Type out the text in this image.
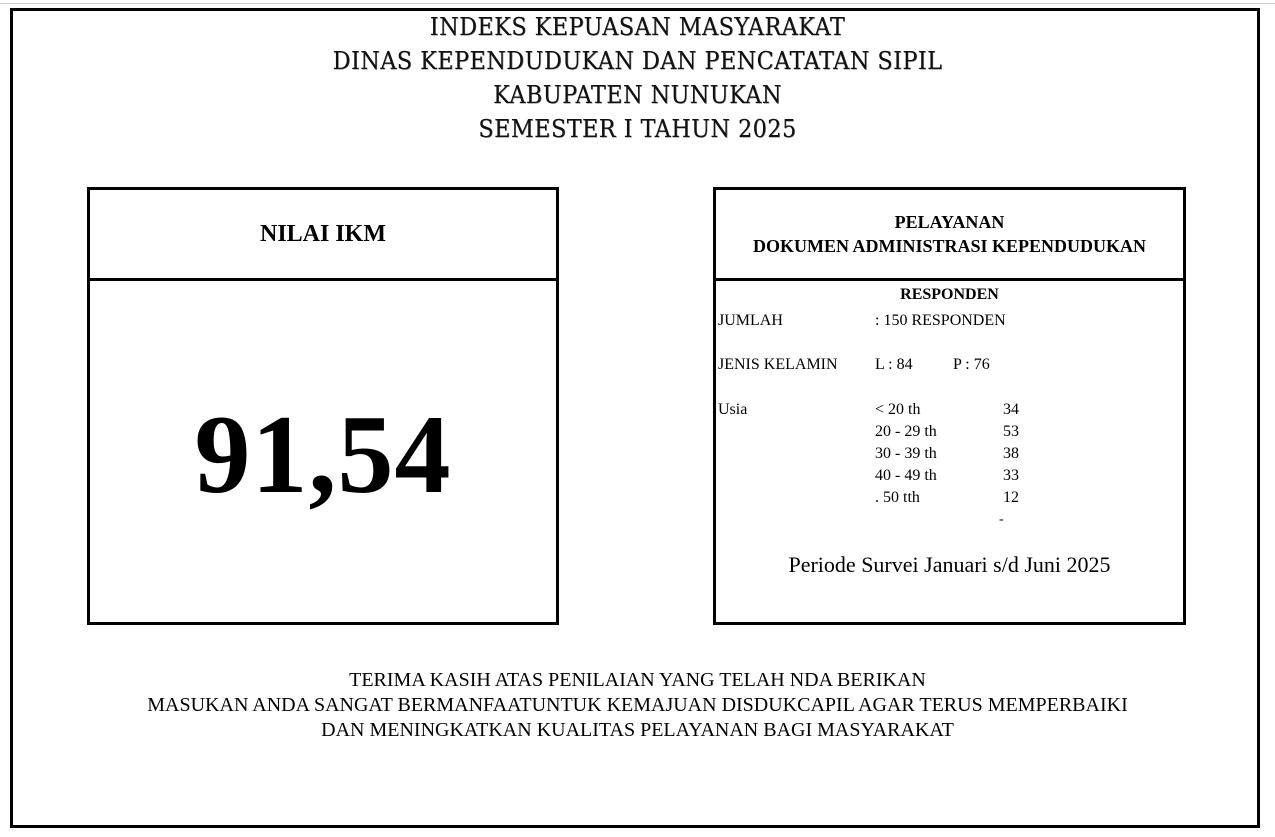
INDEKS KEPUASAN MASYARAKAT
DINAS KEPENDUDUKAN DAN PENCATATAN SIPIL
KABUPATEN NUNUKAN
SEMESTER I TAHUN 2025
NILAI IKM
91,54
PELAYANAN
DOKUMEN ADMINISTRASI KEPENDUDUKAN
RESPONDEN
JUMLAH	: 150 RESPONDEN
JENIS KELAMIN L : 84	P : 76
Usia	< 20 th	34
20 - 29 th	53
30 - 39 th	38
40 - 49 th	33
. 50 tth	12
-
Periode Survei Januari s/d Juni 2025
TERIMA KASIH ATAS PENILAIAN YANG TELAH NDA BERIKAN
MASUKAN ANDA SANGAT BERMANFAATUNTUK KEMAJUAN DISDUKCAPIL AGAR TERUS MEMPERBAIKI
DAN MENINGKATKAN KUALITAS PELAYANAN BAGI MASYARAKAT
